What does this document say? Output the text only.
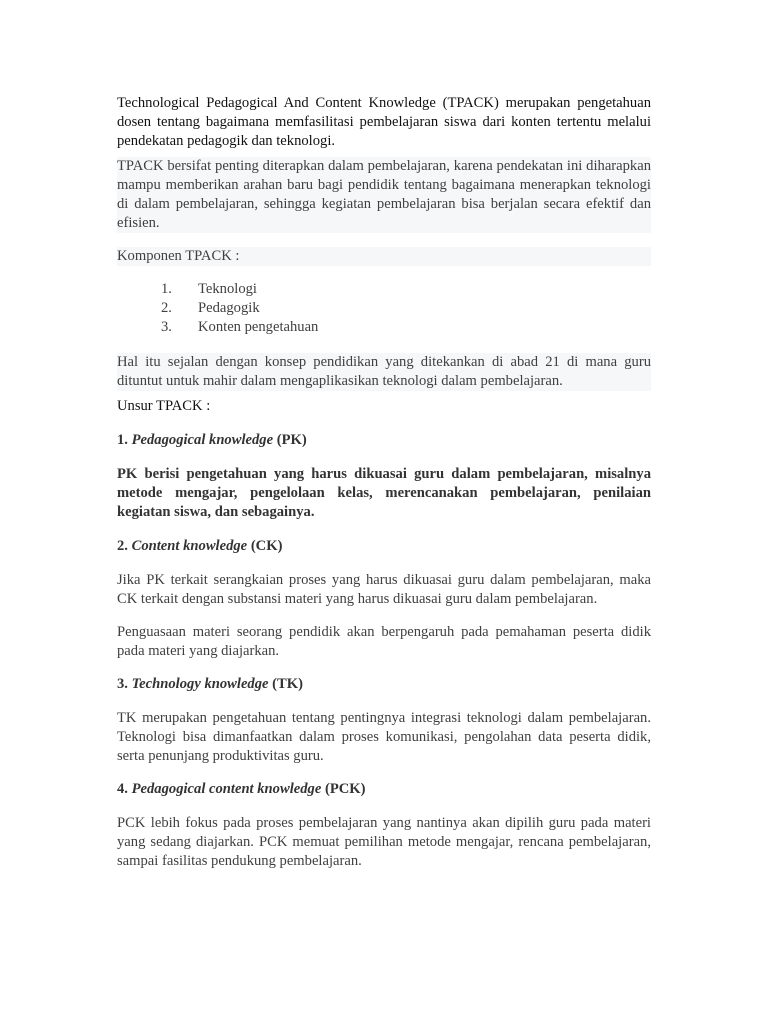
Technological Pedagogical And Content Knowledge (TPACK) merupakan pengetahuan dosen tentang bagaimana memfasilitasi pembelajaran siswa dari konten tertentu melalui pendekatan pedagogik dan teknologi.

TPACK bersifat penting diterapkan dalam pembelajaran, karena pendekatan ini diharapkan mampu memberikan arahan baru bagi pendidik tentang bagaimana menerapkan teknologi di dalam pembelajaran, sehingga kegiatan pembelajaran bisa berjalan secara efektif dan efisien.

Komponen TPACK :

1.	Teknologi
2.	Pedagogik
3.	Konten pengetahuan

Hal itu sejalan dengan konsep pendidikan yang ditekankan di abad 21 di mana guru dituntut untuk mahir dalam mengaplikasikan teknologi dalam pembelajaran.

Unsur TPACK :

1. Pedagogical knowledge (PK)

PK berisi pengetahuan yang harus dikuasai guru dalam pembelajaran, misalnya metode mengajar, pengelolaan kelas, merencanakan pembelajaran, penilaian kegiatan siswa, dan sebagainya.

2. Content knowledge (CK)

Jika PK terkait serangkaian proses yang harus dikuasai guru dalam pembelajaran, maka CK terkait dengan substansi materi yang harus dikuasai guru dalam pembelajaran.

Penguasaan materi seorang pendidik akan berpengaruh pada pemahaman peserta didik pada materi yang diajarkan.

3. Technology knowledge (TK)

TK merupakan pengetahuan tentang pentingnya integrasi teknologi dalam pembelajaran. Teknologi bisa dimanfaatkan dalam proses komunikasi, pengolahan data peserta didik, serta penunjang produktivitas guru.

4. Pedagogical content knowledge (PCK)

PCK lebih fokus pada proses pembelajaran yang nantinya akan dipilih guru pada materi yang sedang diajarkan. PCK memuat pemilihan metode mengajar, rencana pembelajaran, sampai fasilitas pendukung pembelajaran.
